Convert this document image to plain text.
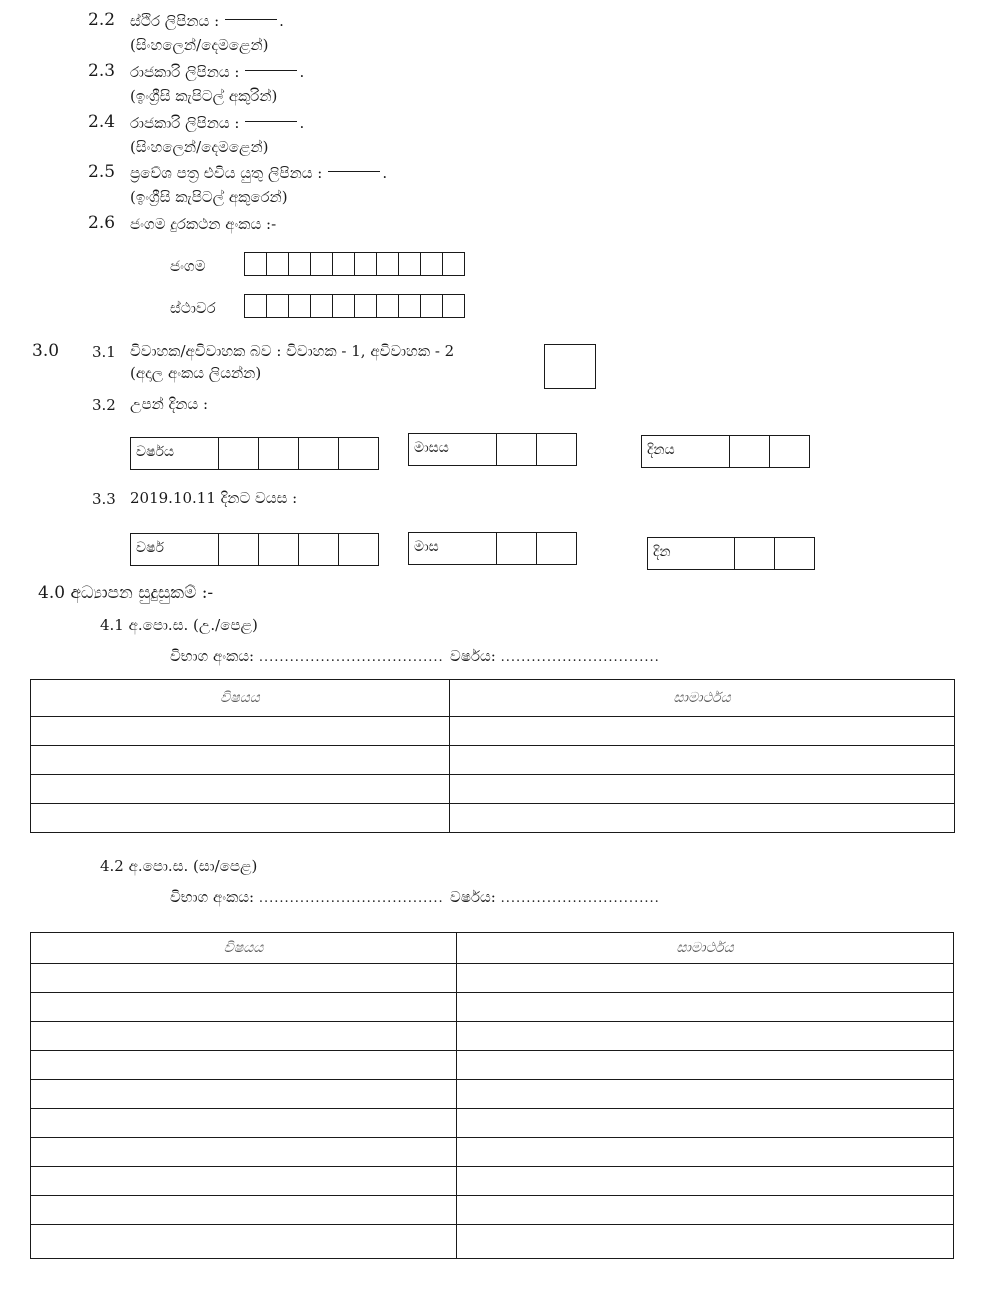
2.2 ස්ථිර ලිපිනය :	.
(සිංහලෙන්/දෙමළෙන්)
2.3 රාජකාරි ලිපිනය :	.
(ඉංග්‍රීසි කැපිටල් අකුරින්)
2.4 රාජකාරි ලිපිනය :	.
(සිංහලෙන්/දෙමළෙන්)
2.5 ප්‍රවේශ පත්‍ර එවිය යුතු ලිපිනය :	.
(ඉංග්‍රීසි කැපිටල් අකුරෙන්)
2.6 ජංගම දුරකථන අංකය :-
ජංගම
ස්ථාවර
3.0 3.1 විවාහක/අවිවාහක බව : විවාහක - 1, අවිවාහක - 2
(අදාල අංකය ලියන්න)
3.2 උපන් දිනය :
වර්ෂය	මාසය	දිනය
3.3 2019.10.11 දිනට වයස :
වර්ෂ	මාස	දින
4.0 අධ්‍යාපන සුදුසුකම් :-
4.1 අ.පො.ස. (උ./පෙළ)
විභාග අංකය: .................................... වර්ෂය: ...............................
විෂයය	සාමාර්ථය

4.2 අ.පො.ස. (සා/පෙළ)
විභාග අංකය: .................................... වර්ෂය: ...............................
විෂයය	සාමාර්ථය
